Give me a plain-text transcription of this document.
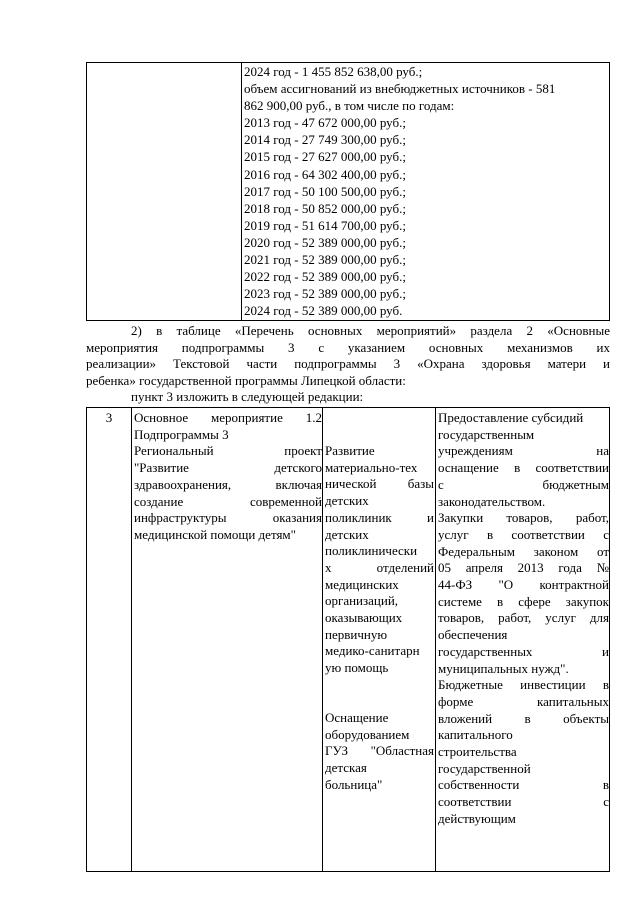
2024 год - 1 455 852 638,00 руб.;
объем ассигнований из внебюджетных источников - 581
862 900,00 руб., в том числе по годам:
2013 год - 47 672 000,00 руб.;
2014 год - 27 749 300,00 руб.;
2015 год - 27 627 000,00 руб.;
2016 год - 64 302 400,00 руб.;
2017 год - 50 100 500,00 руб.;
2018 год - 50 852 000,00 руб.;
2019 год - 51 614 700,00 руб.;
2020 год - 52 389 000,00 руб.;
2021 год - 52 389 000,00 руб.;
2022 год - 52 389 000,00 руб.;
2023 год - 52 389 000,00 руб.;
2024 год - 52 389 000,00 руб.
2) в таблице «Перечень основных мероприятий» раздела 2 «Основные
мероприятия подпрограммы 3 с указанием основных механизмов их
реализации» Текстовой части подпрограммы 3 «Охрана здоровья матери и
ребенка» государственной программы Липецкой области:
пункт 3 изложить в следующей редакции:
3	Основное мероприятие 1.2
Подпрограммы 3
Региональный проект
"Развитие детского
здравоохранения, включая
создание современной
инфраструктуры оказания
медицинской помощи детям"
Развитие
материально-тех
нической базы
детских
поликлиник и
детских
поликлинически
х отделений
медицинских
организаций,
оказывающих
первичную
медико-санитарн
ую помощь
Оснащение
оборудованием
ГУЗ "Областная
детская
больница"
Предоставление субсидий
государственным
учреждениям на
оснащение в соответствии
с бюджетным
законодательством.
Закупки товаров, работ,
услуг в соответствии с
Федеральным законом от
05 апреля 2013 года №
44-ФЗ "О контрактной
системе в сфере закупок
товаров, работ, услуг для
обеспечения
государственных и
муниципальных нужд".
Бюджетные инвестиции в
форме капитальных
вложений в объекты
капитального
строительства
государственной
собственности в
соответствии с
действующим
